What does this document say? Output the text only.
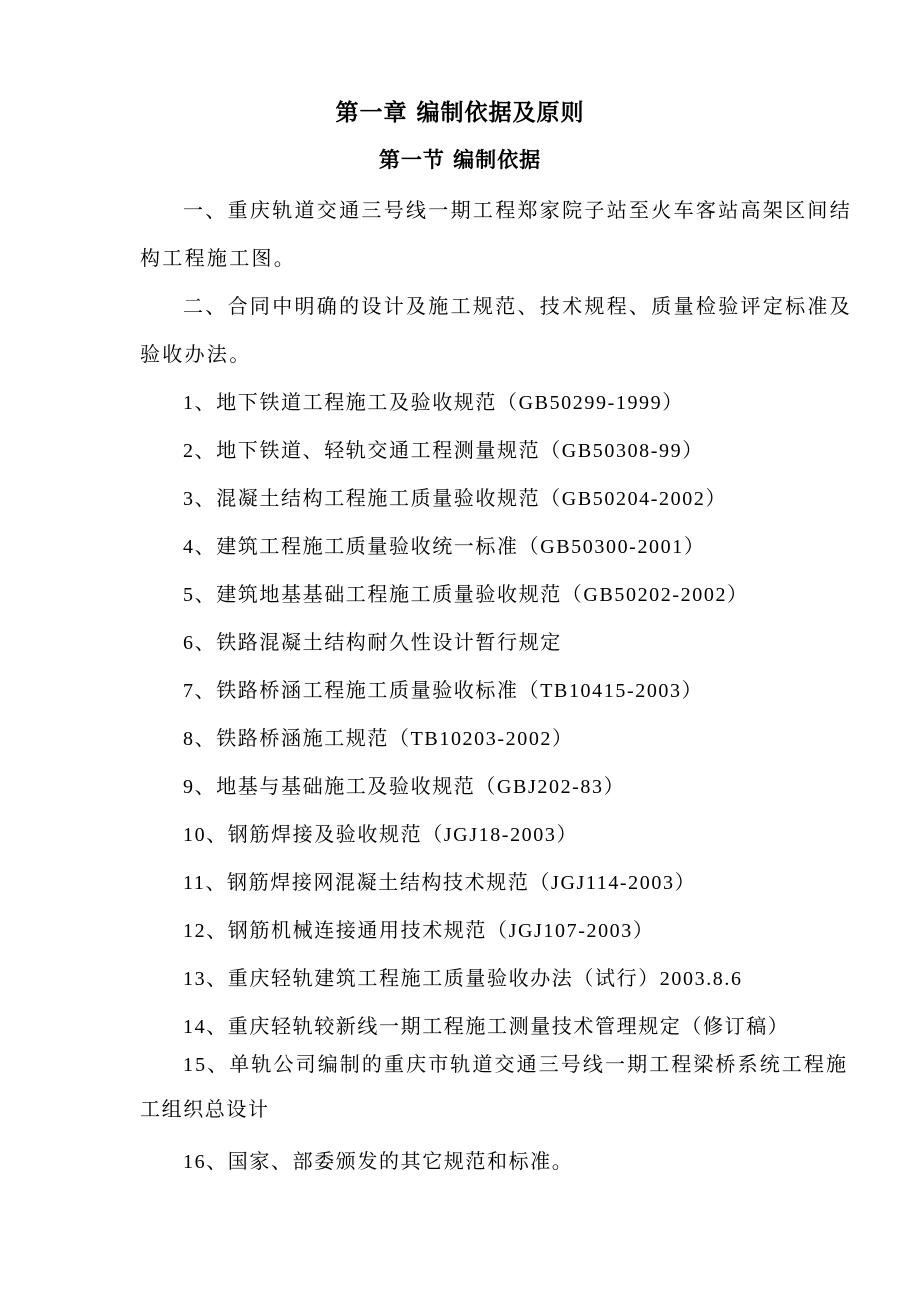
第一章 编制依据及原则
第一节 编制依据
一、重庆轨道交通三号线一期工程郑家院子站至火车客站高架区间结
构工程施工图。
二、合同中明确的设计及施工规范、技术规程、质量检验评定标准及
验收办法。
1、地下铁道工程施工及验收规范（GB50299-1999）
2、地下铁道、轻轨交通工程测量规范（GB50308-99）
3、混凝土结构工程施工质量验收规范（GB50204-2002）
4、建筑工程施工质量验收统一标准（GB50300-2001）
5、建筑地基基础工程施工质量验收规范（GB50202-2002）
6、铁路混凝土结构耐久性设计暂行规定
7、铁路桥涵工程施工质量验收标准（TB10415-2003）
8、铁路桥涵施工规范（TB10203-2002）
9、地基与基础施工及验收规范（GBJ202-83）
10、钢筋焊接及验收规范（JGJ18-2003）
11、钢筋焊接网混凝土结构技术规范（JGJ114-2003）
12、钢筋机械连接通用技术规范（JGJ107-2003）
13、重庆轻轨建筑工程施工质量验收办法（试行）2003.8.6
14、重庆轻轨较新线一期工程施工测量技术管理规定（修订稿）
15、单轨公司编制的重庆市轨道交通三号线一期工程梁桥系统工程施
工组织总设计
16、国家、部委颁发的其它规范和标准。
